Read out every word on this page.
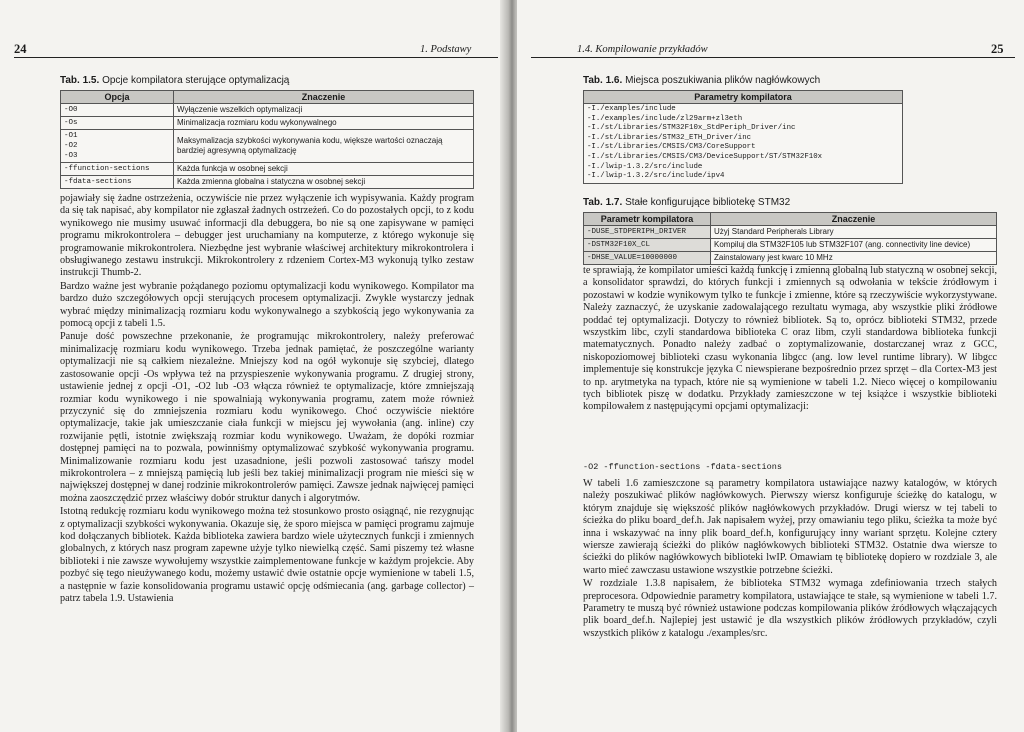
24	1. Podstawy
Tab. 1.5. Opcje kompilatora sterujące optymalizacją
Opcja	Znaczenie
-O0	Wyłączenie wszelkich optymalizacji
-Os	Minimalizacja rozmiaru kodu wykonywalnego

-O1
-O2
-O3	Maksymalizacja szybkości wykonywania kodu, większe wartości oznaczają bardziej agresywną optymalizację
-ffunction-sections	Każda funkcja w osobnej sekcji
-fdata-sections	Każda zmienna globalna i statyczna w osobnej sekcji

pojawiały się żadne ostrzeżenia, oczywiście nie przez wyłączenie ich wypisywania. Każdy program da się tak napisać, aby kompilator nie zgłaszał żadnych ostrzeżeń. Co do pozostałych opcji, to z kodu wynikowego nie musimy usuwać informacji dla debuggera, bo nie są one zapisywane w pamięci programu mikrokontrolera – debugger jest uruchamiany na komputerze, z którego wykonuje się programowanie mikrokontrolera. Niezbędne jest wybranie właściwej architektury mikrokontrolera i obsługiwanego zestawu instrukcji. Mikrokontrolery z rdzeniem Cortex-M3 wykonują tylko zestaw instrukcji Thumb-2.

Bardzo ważne jest wybranie pożądanego poziomu optymalizacji kodu wynikowego. Kompilator ma bardzo dużo szczegółowych opcji sterujących procesem optymalizacji. Zwykle wystarczy jednak wybrać między minimalizacją rozmiaru kodu wykonywalnego a szybkością jego wykonywania za pomocą opcji z tabeli 1.5.

Panuje dość powszechne przekonanie, że programując mikrokontrolery, należy preferować minimalizację rozmiaru kodu wynikowego. Trzeba jednak pamiętać, że poszczególne warianty optymalizacji nie są całkiem niezależne. Mniejszy kod na ogół wykonuje się szybciej, dlatego zastosowanie opcji -Os wpływa też na przyspieszenie wykonywania programu. Z drugiej strony, ustawienie jednej z opcji -O1, -O2 lub -O3 włącza również te optymalizacje, które zmniejszają rozmiar kodu wynikowego i nie spowalniają wykonywania programu, zatem może również przyczynić się do zmniejszenia rozmiaru kodu wynikowego. Choć oczywiście niektóre optymalizacje, takie jak umieszczanie ciała funkcji w miejscu jej wywołania (ang. inline) czy rozwijanie pętli, istotnie zwiększają rozmiar kodu wynikowego. Uważam, że dopóki rozmiar dostępnej pamięci na to pozwala, powinniśmy optymalizować szybkość wykonywania programu. Minimalizowanie rozmiaru kodu jest uzasadnione, jeśli pozwoli zastosować tańszy model mikrokontrolera – z mniejszą pamięcią lub jeśli bez takiej minimalizacji program nie mieści się w największej dostępnej w danej rodzinie mikrokontrolerów pamięci. Zawsze jednak najwięcej pamięci można zaoszczędzić przez właściwy dobór struktur danych i algorytmów.

Istotną redukcję rozmiaru kodu wynikowego można też stosunkowo prosto osiągnąć, nie rezygnując z optymalizacji szybkości wykonywania. Okazuje się, że sporo miejsca w pamięci programu zajmuje kod dołączanych bibliotek. Każda biblioteka zawiera bardzo wiele użytecznych funkcji i zmiennych globalnych, z których nasz program zapewne użyje tylko niewielką część. Sami piszemy też własne biblioteki i nie zawsze wywołujemy wszystkie zaimplementowane funkcje w każdym projekcie. Aby pozbyć się tego nieużywanego kodu, możemy ustawić dwie ostatnie opcje wymienione w tabeli 1.5, a następnie w fazie konsolidowania programu ustawić opcję odśmiecania (ang. garbage collector) – patrz tabela 1.9. Ustawienia

1.4. Kompilowanie przykładów	25
Tab. 1.6. Miejsca poszukiwania plików nagłówkowych
Parametry kompilatora

-I./examples/include
-I./examples/include/zl29arm+zl3eth
-I./st/Libraries/STM32F10x_StdPeriph_Driver/inc
-I./st/Libraries/STM32_ETH_Driver/inc
-I./st/Libraries/CMSIS/CM3/CoreSupport
-I./st/Libraries/CMSIS/CM3/DeviceSupport/ST/STM32F10x
-I./lwip-1.3.2/src/include
-I./lwip-1.3.2/src/include/ipv4
Tab. 1.7. Stałe konfigurujące bibliotekę STM32
Parametr kompilatora	Znaczenie
-DUSE_STDPERIPH_DRIVER	Użyj Standard Peripherals Library
-DSTM32F10X_CL	Kompiluj dla STM32F105 lub STM32F107 (ang. connectivity line device)
-DHSE_VALUE=10000000	Zainstalowany jest kwarc 10 MHz

te sprawiają, że kompilator umieści każdą funkcję i zmienną globalną lub statyczną w osobnej sekcji, a konsolidator sprawdzi, do których funkcji i zmiennych są odwołania w tekście źródłowym i pozostawi w kodzie wynikowym tylko te funkcje i zmienne, które są rzeczywiście wykorzystywane. Należy zaznaczyć, że uzyskanie zadowalającego rezultatu wymaga, aby wszystkie pliki źródłowe poddać tej optymalizacji. Dotyczy to również bibliotek. Są to, oprócz biblioteki STM32, przede wszystkim libc, czyli standardowa biblioteka C oraz libm, czyli standardowa biblioteka funkcji matematycznych. Ponadto należy zadbać o zoptymalizowanie, dostarczanej wraz z GCC, niskopoziomowej biblioteki czasu wykonania libgcc (ang. low level runtime library). W libgcc implementuje się konstrukcje języka C niewspierane bezpośrednio przez sprzęt – dla Cortex-M3 jest to np. arytmetyka na typach, które nie są wymienione w tabeli 1.2. Nieco więcej o kompilowaniu tych bibliotek piszę w dodatku. Przykłady zamieszczone w tej książce i wszystkie biblioteki kompilowałem z następującymi opcjami optymalizacji:

-O2 -ffunction-sections -fdata-sections

W tabeli 1.6 zamieszczone są parametry kompilatora ustawiające nazwy katalogów, w których należy poszukiwać plików nagłówkowych. Pierwszy wiersz konfiguruje ścieżkę do katalogu, w którym znajduje się większość plików nagłówkowych przykładów. Drugi wiersz w tej tabeli to ścieżka do pliku board_def.h. Jak napisałem wyżej, przy omawianiu tego pliku, ścieżka ta może być inna i wskazywać na inny plik board_def.h, konfigurujący inny wariant sprzętu. Kolejne cztery wiersze zawierają ścieżki do plików nagłówkowych biblioteki STM32. Ostatnie dwa wiersze to ścieżki do plików nagłówkowych biblioteki lwIP. Omawiam tę bibliotekę dopiero w rozdziale 3, ale warto mieć zawczasu ustawione wszystkie potrzebne ścieżki.

W rozdziale 1.3.8 napisałem, że biblioteka STM32 wymaga zdefiniowania trzech stałych preprocesora. Odpowiednie parametry kompilatora, ustawiające te stałe, są wymienione w tabeli 1.7. Parametry te muszą być również ustawione podczas kompilowania plików źródłowych włączających plik board_def.h. Najlepiej jest ustawić je dla wszystkich plików źródłowych przykładów, czyli wszystkich plików z katalogu ./examples/src.
